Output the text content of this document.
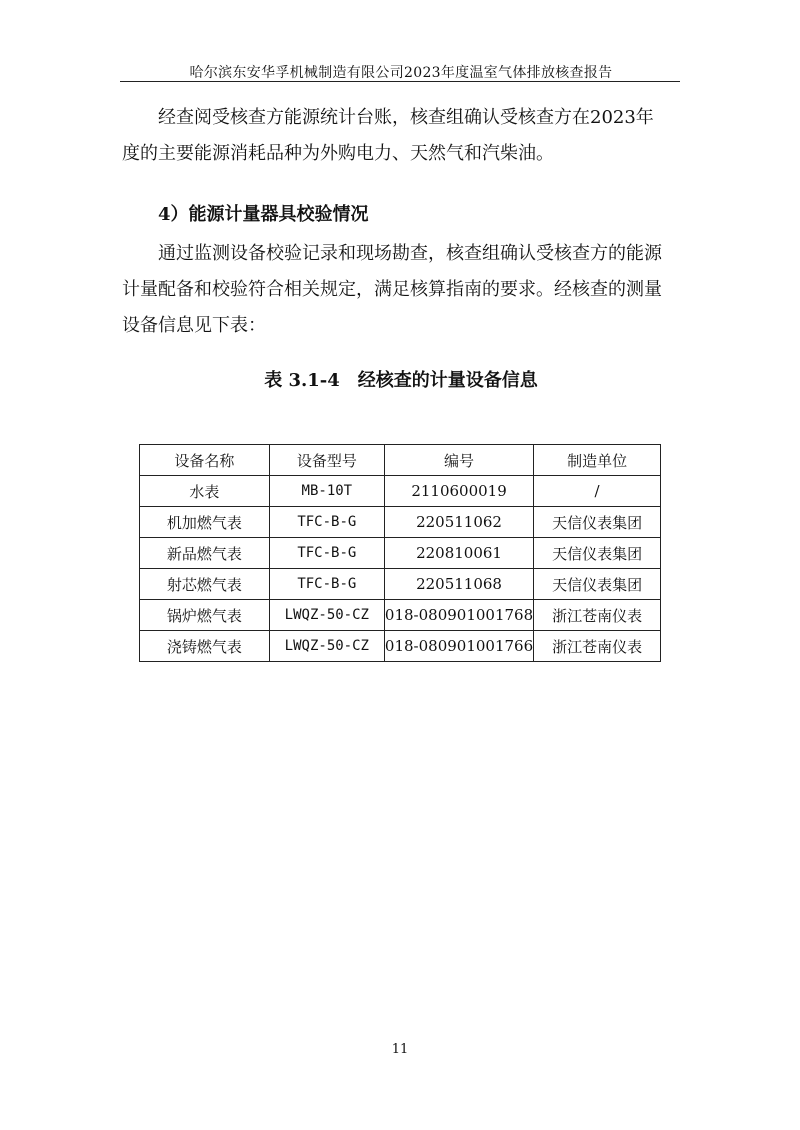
哈尔滨东安华孚机械制造有限公司2023年度温室气体排放核查报告

经查阅受核查方能源统计台账，核查组确认受核查方在2023年
度的主要能源消耗品种为外购电力、天然气和汽柴油。

4）能源计量器具校验情况

通过监测设备校验记录和现场勘查，核查组确认受核查方的能源
计量配备和校验符合相关规定，满足核算指南的要求。经核查的测量
设备信息见下表：

表 3.1-4　经核查的计量设备信息
设备名称	设备型号	编号	制造单位
水表	MB-10T	2110600019	/
机加燃气表	TFC-B-G	220511062	天信仪表集团
新品燃气表	TFC-B-G	220810061	天信仪表集团
射芯燃气表	TFC-B-G	220511068	天信仪表集团
锅炉燃气表	LWQZ-50-CZ	018-080901001768	浙江苍南仪表
浇铸燃气表	LWQZ-50-CZ	018-080901001766	浙江苍南仪表
11
